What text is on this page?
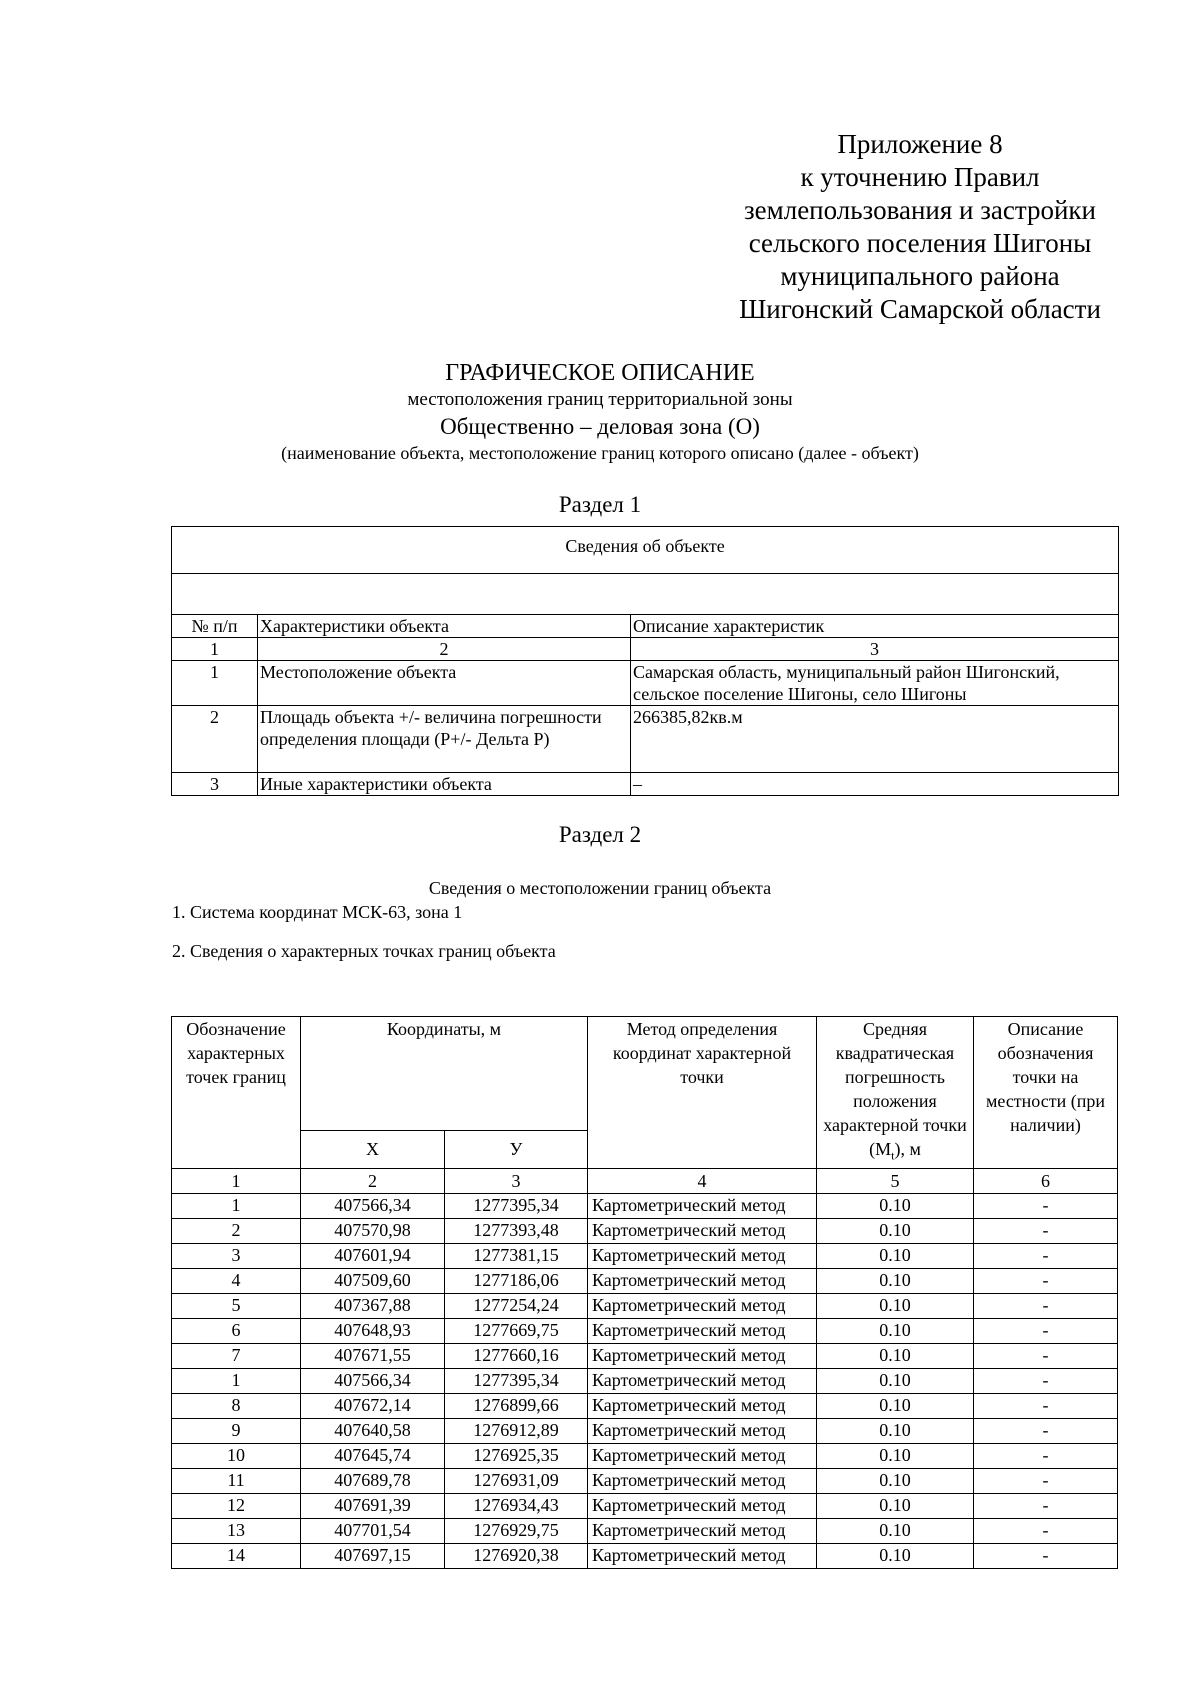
Приложение 8
к уточнению Правил
землепользования и застройки
сельского поселения Шигоны
муниципального района
Шигонский Самарской области
ГРАФИЧЕСКОЕ ОПИСАНИЕ
местоположения границ территориальной зоны
Общественно – деловая зона (О)
(наименование объекта, местоположение границ которого описано (далее - объект)
Раздел 1
Сведения об объекте		

№ п/п	Характеристики объекта	Описание характеристик
1	2	3
1	Местоположение объекта	Самарская область, муниципальный район Шигонский, сельское поселение Шигоны, село Шигоны
2	Площадь объекта +/- величина погрешности определения площади (Р+/- Дельта Р)	266385,82кв.м
3	Иные характеристики объекта	–
Раздел 2
Сведения о местоположении границ объекта
1. Система координат МСК-63, зона 1
2. Сведения о характерных точках границ объекта
Обозначение характерных точек границ	Координаты, м		Метод определения координат характерной точки	Средняя квадратическая погрешность положения характерной точки $(M_t)$, м	Описание обозначения точки на местности (при наличии)
	X	У			
1	2	3	4	5	6
1	407566,34	1277395,34	Картометрический метод	0.10	-
2	407570,98	1277393,48	Картометрический метод	0.10	-
3	407601,94	1277381,15	Картометрический метод	0.10	-
4	407509,60	1277186,06	Картометрический метод	0.10	-
5	407367,88	1277254,24	Картометрический метод	0.10	-
6	407648,93	1277669,75	Картометрический метод	0.10	-
7	407671,55	1277660,16	Картометрический метод	0.10	-
1	407566,34	1277395,34	Картометрический метод	0.10	-
8	407672,14	1276899,66	Картометрический метод	0.10	-
9	407640,58	1276912,89	Картометрический метод	0.10	-
10	407645,74	1276925,35	Картометрический метод	0.10	-
11	407689,78	1276931,09	Картометрический метод	0.10	-
12	407691,39	1276934,43	Картометрический метод	0.10	-
13	407701,54	1276929,75	Картометрический метод	0.10	-
14	407697,15	1276920,38	Картометрический метод	0.10	-
